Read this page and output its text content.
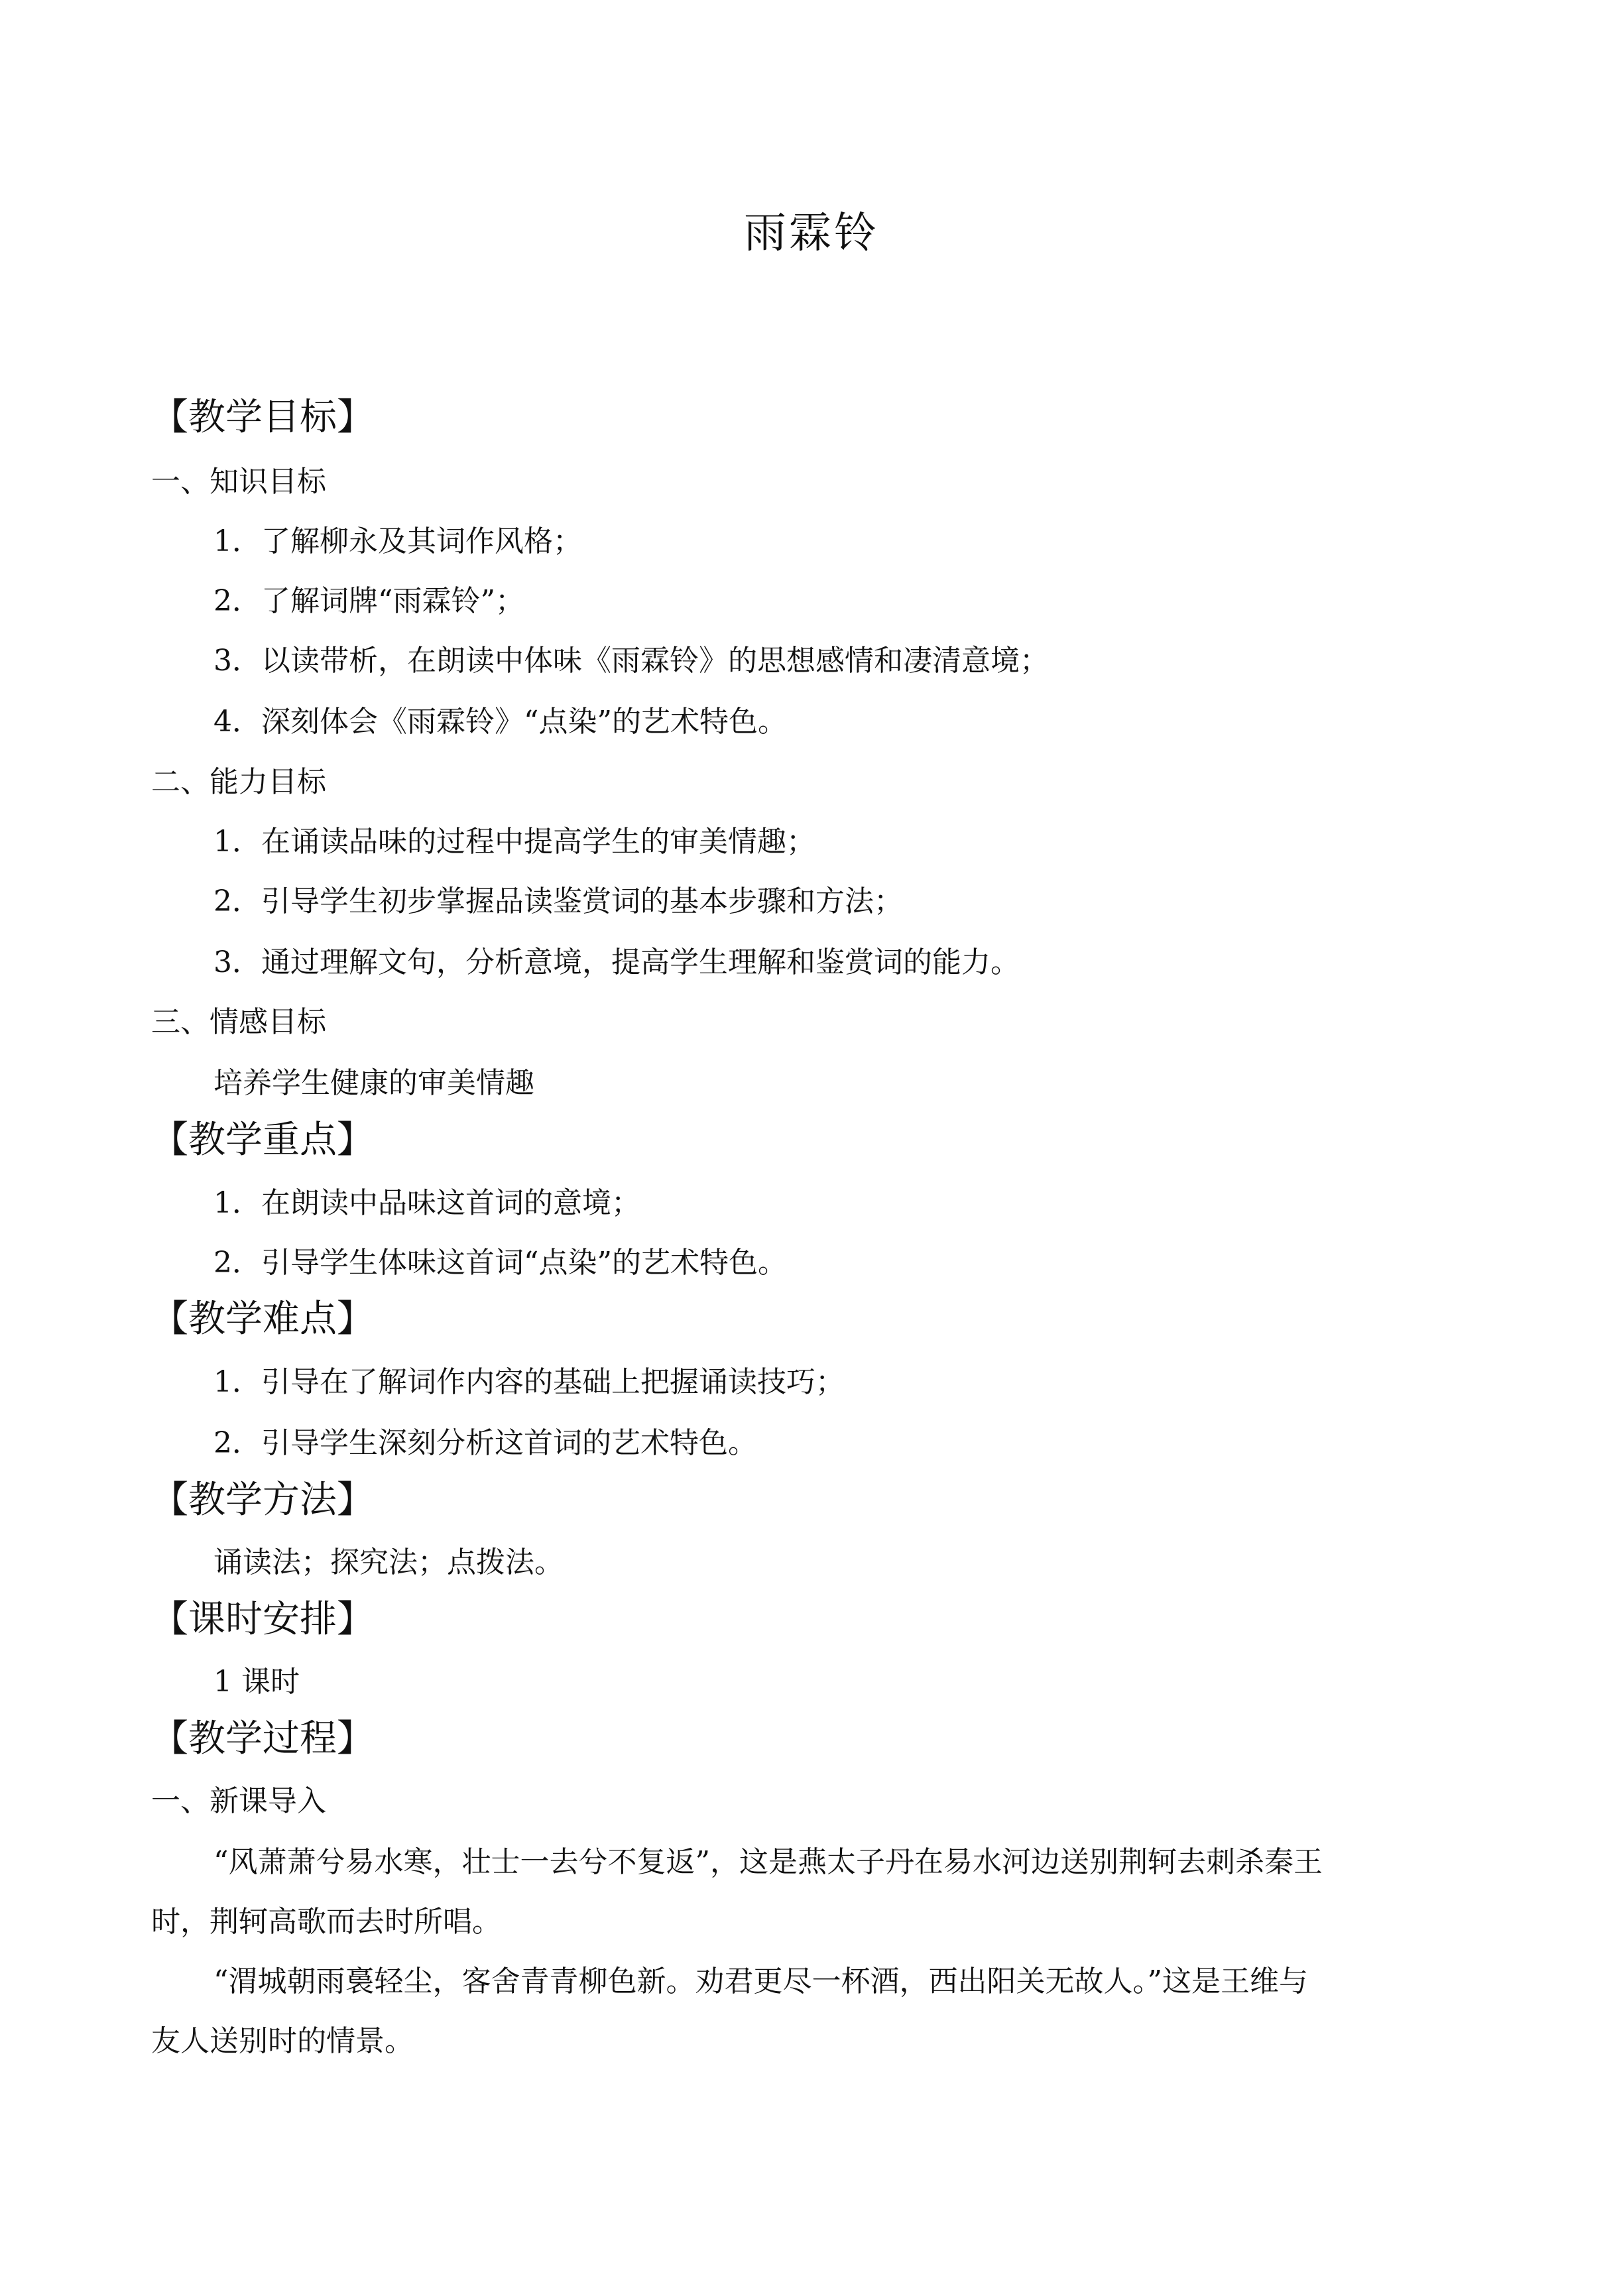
雨霖铃
【教学目标】
一、知识目标
1．了解柳永及其词作风格；
2．了解词牌“雨霖铃”；
3．以读带析，在朗读中体味《雨霖铃》的思想感情和凄清意境；
4．深刻体会《雨霖铃》“点染”的艺术特色。
二、能力目标
1．在诵读品味的过程中提高学生的审美情趣；
2．引导学生初步掌握品读鉴赏词的基本步骤和方法；
3．通过理解文句，分析意境，提高学生理解和鉴赏词的能力。
三、情感目标
培养学生健康的审美情趣
【教学重点】
1．在朗读中品味这首词的意境；
2．引导学生体味这首词“点染”的艺术特色。
【教学难点】
1．引导在了解词作内容的基础上把握诵读技巧；
2．引导学生深刻分析这首词的艺术特色。
【教学方法】
诵读法；探究法；点拨法。
【课时安排】
1 课时
【教学过程】
一、新课导入
“风萧萧兮易水寒，壮士一去兮不复返”，这是燕太子丹在易水河边送别荆轲去刺杀秦王
时，荆轲高歌而去时所唱。
“渭城朝雨裛轻尘，客舍青青柳色新。劝君更尽一杯酒，西出阳关无故人。”这是王维与
友人送别时的情景。
